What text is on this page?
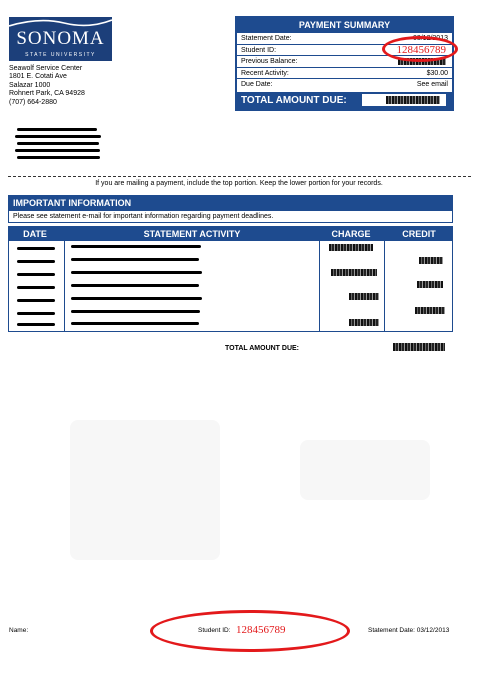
SONOMA
STATE UNIVERSITY
Seawolf Service Center
1801 E. Cotati Ave
Salazar 1000
Rohnert Park, CA 94928
(707) 664-2880
PAYMENT SUMMARY
Statement Date:	03/12/2013
Student ID:	128456789
Previous Balance:
Recent Activity:	$30.00
Due Date:	See email
TOTAL AMOUNT DUE:
If you are mailing a payment, include the top portion. Keep the lower portion for your records.
IMPORTANT INFORMATION
Please see statement e-mail for important information regarding payment deadlines.
DATE	STATEMENT ACTIVITY	CHARGE	CREDIT
TOTAL AMOUNT DUE:
Name:	Student ID: 128456789	Statement Date: 03/12/2013
